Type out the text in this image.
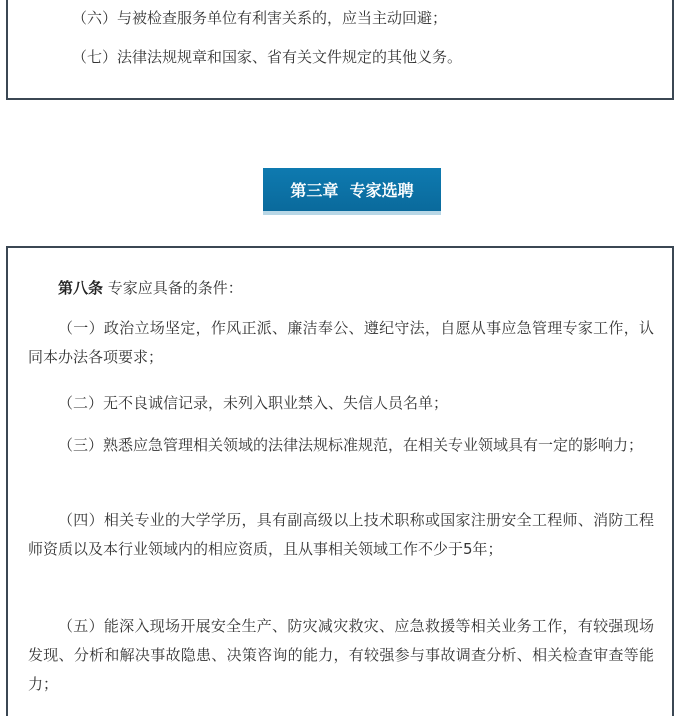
（六）与被检查服务单位有利害关系的，应当主动回避；

（七）法律法规规章和国家、省有关文件规定的其他义务。

第三章  专家选聘

第八条 专家应具备的条件：

（一）政治立场坚定，作风正派、廉洁奉公、遵纪守法，自愿从事应急管理专家工作，认同本办法各项要求；

（二）无不良诚信记录，未列入职业禁入、失信人员名单；

（三）熟悉应急管理相关领域的法律法规标准规范，在相关专业领域具有一定的影响力；

（四）相关专业的大学学历，具有副高级以上技术职称或国家注册安全工程师、消防工程师资质以及本行业领域内的相应资质，且从事相关领域工作不少于5年；

（五）能深入现场开展安全生产、防灾减灾救灾、应急救援等相关业务工作，有较强现场发现、分析和解决事故隐患、决策咨询的能力，有较强参与事故调查分析、相关检查审查等能力；
